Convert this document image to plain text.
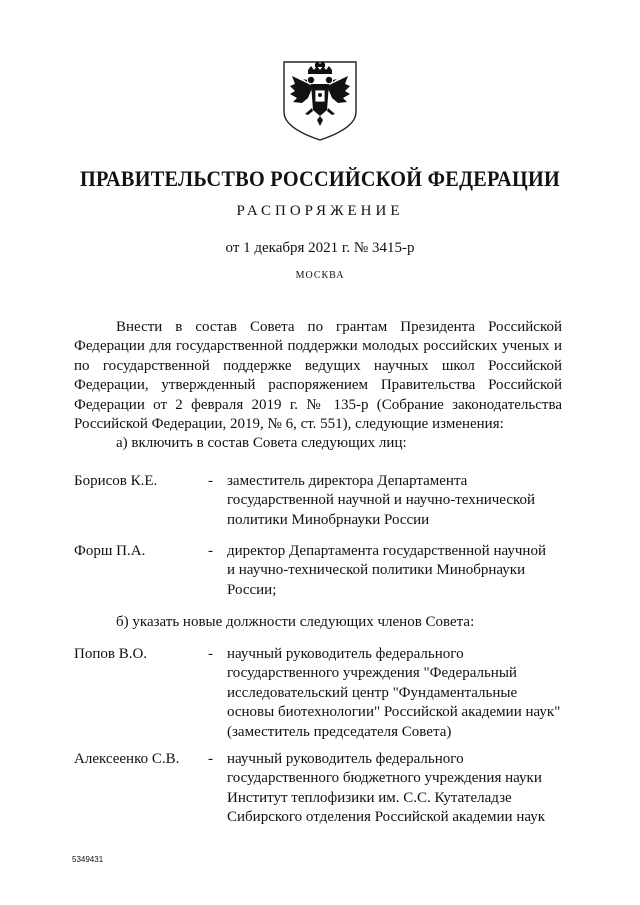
ПРАВИТЕЛЬСТВО РОССИЙСКОЙ ФЕДЕРАЦИИ
РАСПОРЯЖЕНИЕ
от 1 декабря 2021 г. № 3415-р
МОСКВА

Внести в состав Совета по грантам Президента Российской Федерации для государственной поддержки молодых российских ученых и по государственной поддержке ведущих научных школ Российской Федерации, утвержденный распоряжением Правительства Российской Федерации от 2 февраля 2019 г. № 135-р (Собрание законодательства Российской Федерации, 2019, № 6, ст. 551), следующие изменения:

а) включить в состав Совета следующих лиц:
Борисов К.Е.	- заместитель директора Департамента
государственной научной и научно-технической
политики Минобрнауки России
Форш П.А.	- директор Департамента государственной научной
и научно-технической политики Минобрнауки
России;
б) указать новые должности следующих членов Совета:
Попов В.О.	- научный руководитель федерального
государственного учреждения "Федеральный
исследовательский центр "Фундаментальные
основы биотехнологии" Российской академии наук"
(заместитель председателя Совета)
Алексеенко С.В. - научный руководитель федерального
государственного бюджетного учреждения науки
Институт теплофизики им. С.С. Кутателадзе
Сибирского отделения Российской академии наук
5349431
